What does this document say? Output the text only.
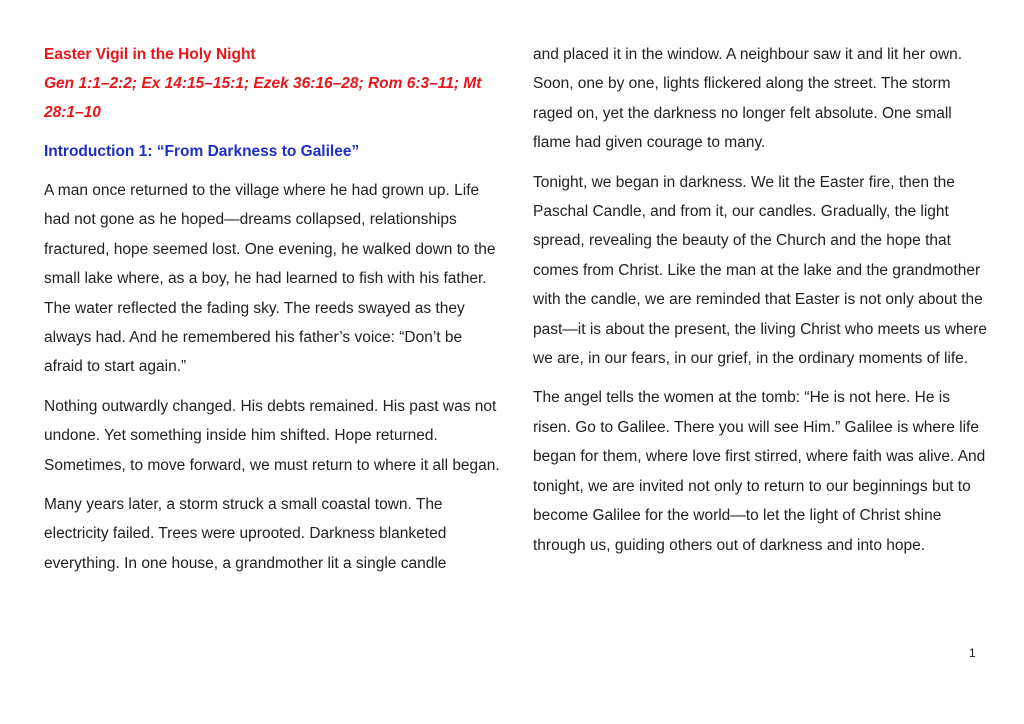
Easter Vigil in the Holy Night

Gen 1:1–2:2; Ex 14:15–15:1; Ezek 36:16–28; Rom 6:3–11; Mt 28:1–10

Introduction 1: “From Darkness to Galilee”

A man once returned to the village where he had grown up. Life had not gone as he hoped—dreams collapsed, relationships fractured, hope seemed lost. One evening, he walked down to the small lake where, as a boy, he had learned to fish with his father. The water reflected the fading sky. The reeds swayed as they always had. And he remembered his father’s voice: “Don’t be afraid to start again.”

Nothing outwardly changed. His debts remained. His past was not undone. Yet something inside him shifted. Hope returned. Sometimes, to move forward, we must return to where it all began.

Many years later, a storm struck a small coastal town. The electricity failed. Trees were uprooted. Darkness blanketed everything. In one house, a grandmother lit a single candle

and placed it in the window. A neighbour saw it and lit her own. Soon, one by one, lights flickered along the street. The storm raged on, yet the darkness no longer felt absolute. One small flame had given courage to many.

Tonight, we began in darkness. We lit the Easter fire, then the Paschal Candle, and from it, our candles. Gradually, the light spread, revealing the beauty of the Church and the hope that comes from Christ. Like the man at the lake and the grandmother with the candle, we are reminded that Easter is not only about the past—it is about the present, the living Christ who meets us where we are, in our fears, in our grief, in the ordinary moments of life.

The angel tells the women at the tomb: “He is not here. He is risen. Go to Galilee. There you will see Him.” Galilee is where life began for them, where love first stirred, where faith was alive. And tonight, we are invited not only to return to our beginnings but to become Galilee for the world—to let the light of Christ shine through us, guiding others out of darkness and into hope.

1
